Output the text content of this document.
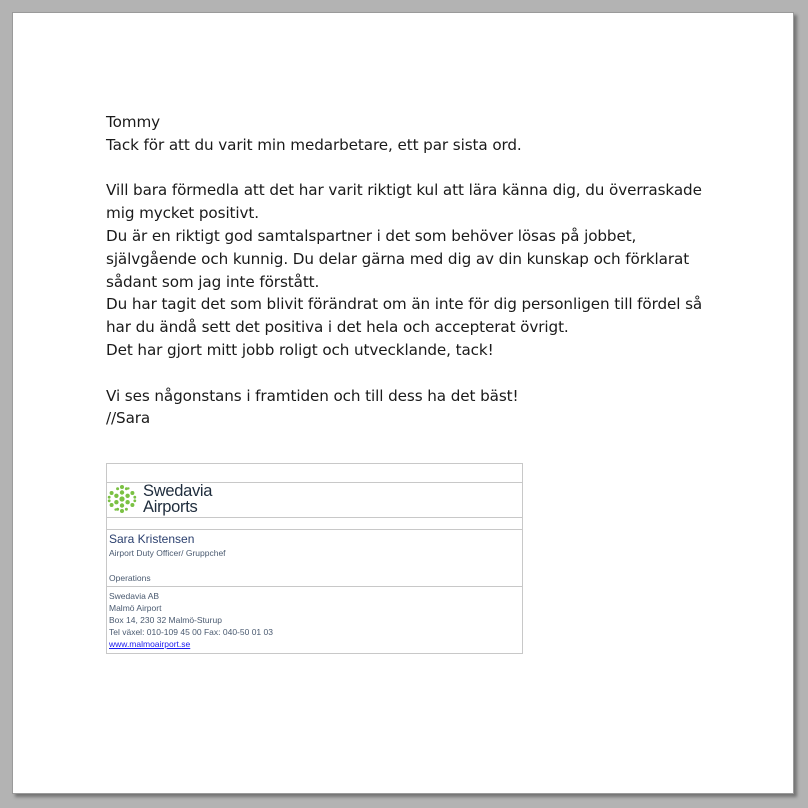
Tommy

Tack för att du varit min medarbetare, ett par sista ord.

Vill bara förmedla att det har varit riktigt kul att lära känna dig, du överraskade

mig mycket positivt.

Du är en riktigt god samtalspartner i det som behöver lösas på jobbet,

självgående och kunnig. Du delar gärna med dig av din kunskap och förklarat

sådant som jag inte förstått.

Du har tagit det som blivit förändrat om än inte för dig personligen till fördel så

har du ändå sett det positiva i det hela och accepterat övrigt.

Det har gjort mitt jobb roligt och utvecklande, tack!

Vi ses någonstans i framtiden och till dess ha det bäst!

//Sara

Swedavia
Airports
Sara Kristensen
Airport Duty Officer/ Gruppchef
Operations
Swedavia AB
Malmö Airport
Box 14, 230 32 Malmö-Sturup
Tel växel: 010-109 45 00 Fax: 040-50 01 03
www.malmoairport.se
